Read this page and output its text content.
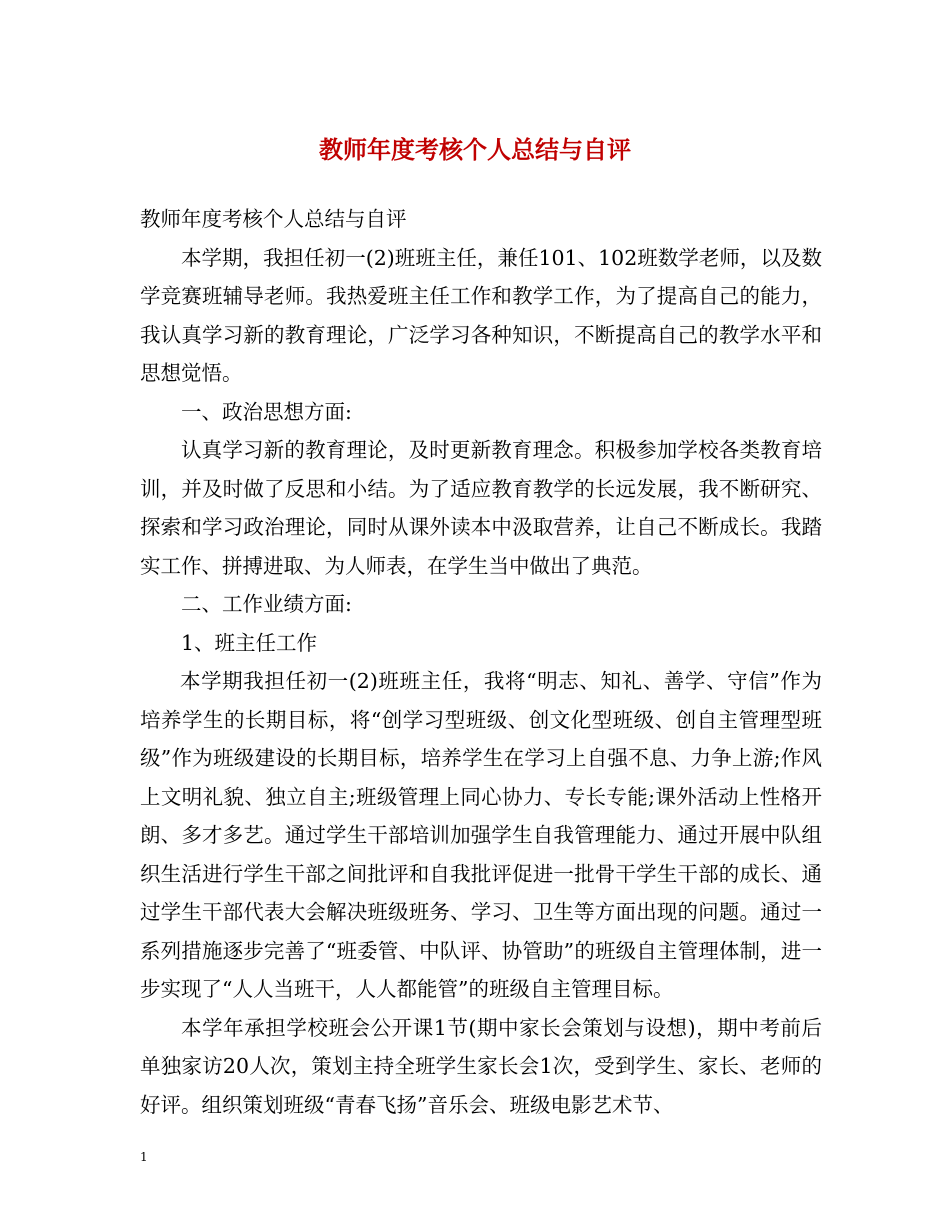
教师年度考核个人总结与自评

教师年度考核个人总结与自评

本学期，我担任初一(2)班班主任，兼任101、102班数学老师，以及数学竞赛班辅导老师。我热爱班主任工作和教学工作，为了提高自己的能力，我认真学习新的教育理论，广泛学习各种知识，不断提高自己的教学水平和思想觉悟。

一、政治思想方面:

认真学习新的教育理论，及时更新教育理念。积极参加学校各类教育培训，并及时做了反思和小结。为了适应教育教学的长远发展，我不断研究、探索和学习政治理论，同时从课外读本中汲取营养，让自己不断成长。我踏实工作、拼搏进取、为人师表，在学生当中做出了典范。

二、工作业绩方面:

1、班主任工作

本学期我担任初一(2)班班主任，我将“明志、知礼、善学、守信”作为培养学生的长期目标，将“创学习型班级、创文化型班级、创自主管理型班级”作为班级建设的长期目标，培养学生在学习上自强不息、力争上游;作风上文明礼貌、独立自主;班级管理上同心协力、专长专能;课外活动上性格开朗、多才多艺。通过学生干部培训加强学生自我管理能力、通过开展中队组织生活进行学生干部之间批评和自我批评促进一批骨干学生干部的成长、通过学生干部代表大会解决班级班务、学习、卫生等方面出现的问题。通过一系列措施逐步完善了“班委管、中队评、协管助”的班级自主管理体制，进一步实现了“人人当班干，人人都能管”的班级自主管理目标。

本学年承担学校班会公开课1节(期中家长会策划与设想)，期中考前后单独家访20人次，策划主持全班学生家长会1次，受到学生、家长、老师的好评。组织策划班级“青春飞扬”音乐会、班级电影艺术节、

1
